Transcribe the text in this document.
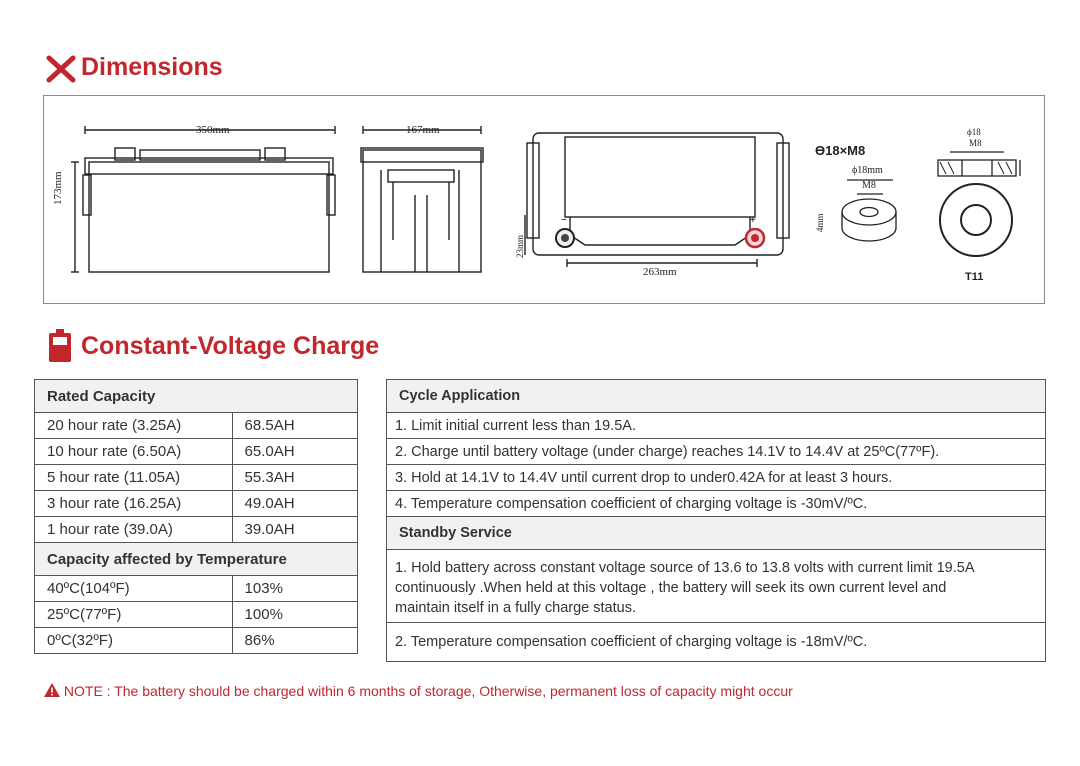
Dimensions
350mm
173mm
167mm
−	+
263mm
23mm
Ө18×M8
ϕ18mm
M8
4mm
ϕ18
M8
T11
Constant-Voltage Charge
Rated Capacity	
20 hour rate (3.25A)	68.5AH
10 hour rate (6.50A)	65.0AH
5 hour rate (11.05A)	55.3AH
3 hour rate (16.25A)	49.0AH
1 hour rate (39.0A)	39.0AH
Capacity affected by Temperature	
40ºC(104ºF)	103%
25ºC(77ºF)	100%
0ºC(32ºF)	86%
Cycle Application
1. Limit initial current less than 19.5A.
2. Charge until battery voltage (under charge) reaches 14.1V to 14.4V at 25ºC(77ºF).
3. Hold at 14.1V to 14.4V until current drop to under0.42A for at least 3 hours.
4. Temperature compensation coefficient of charging voltage is -30mV/ºC.
Standby Service

1. Hold battery across constant voltage source of 13.6 to 13.8 volts with current limit 19.5A continuously .When held at this voltage , the battery will seek its own current level and maintain itself in a fully charge status.

2. Temperature compensation coefficient of charging voltage is -18mV/ºC.
NOTE : The battery should be charged within 6 months of storage, Otherwise, permanent loss of capacity might occur
